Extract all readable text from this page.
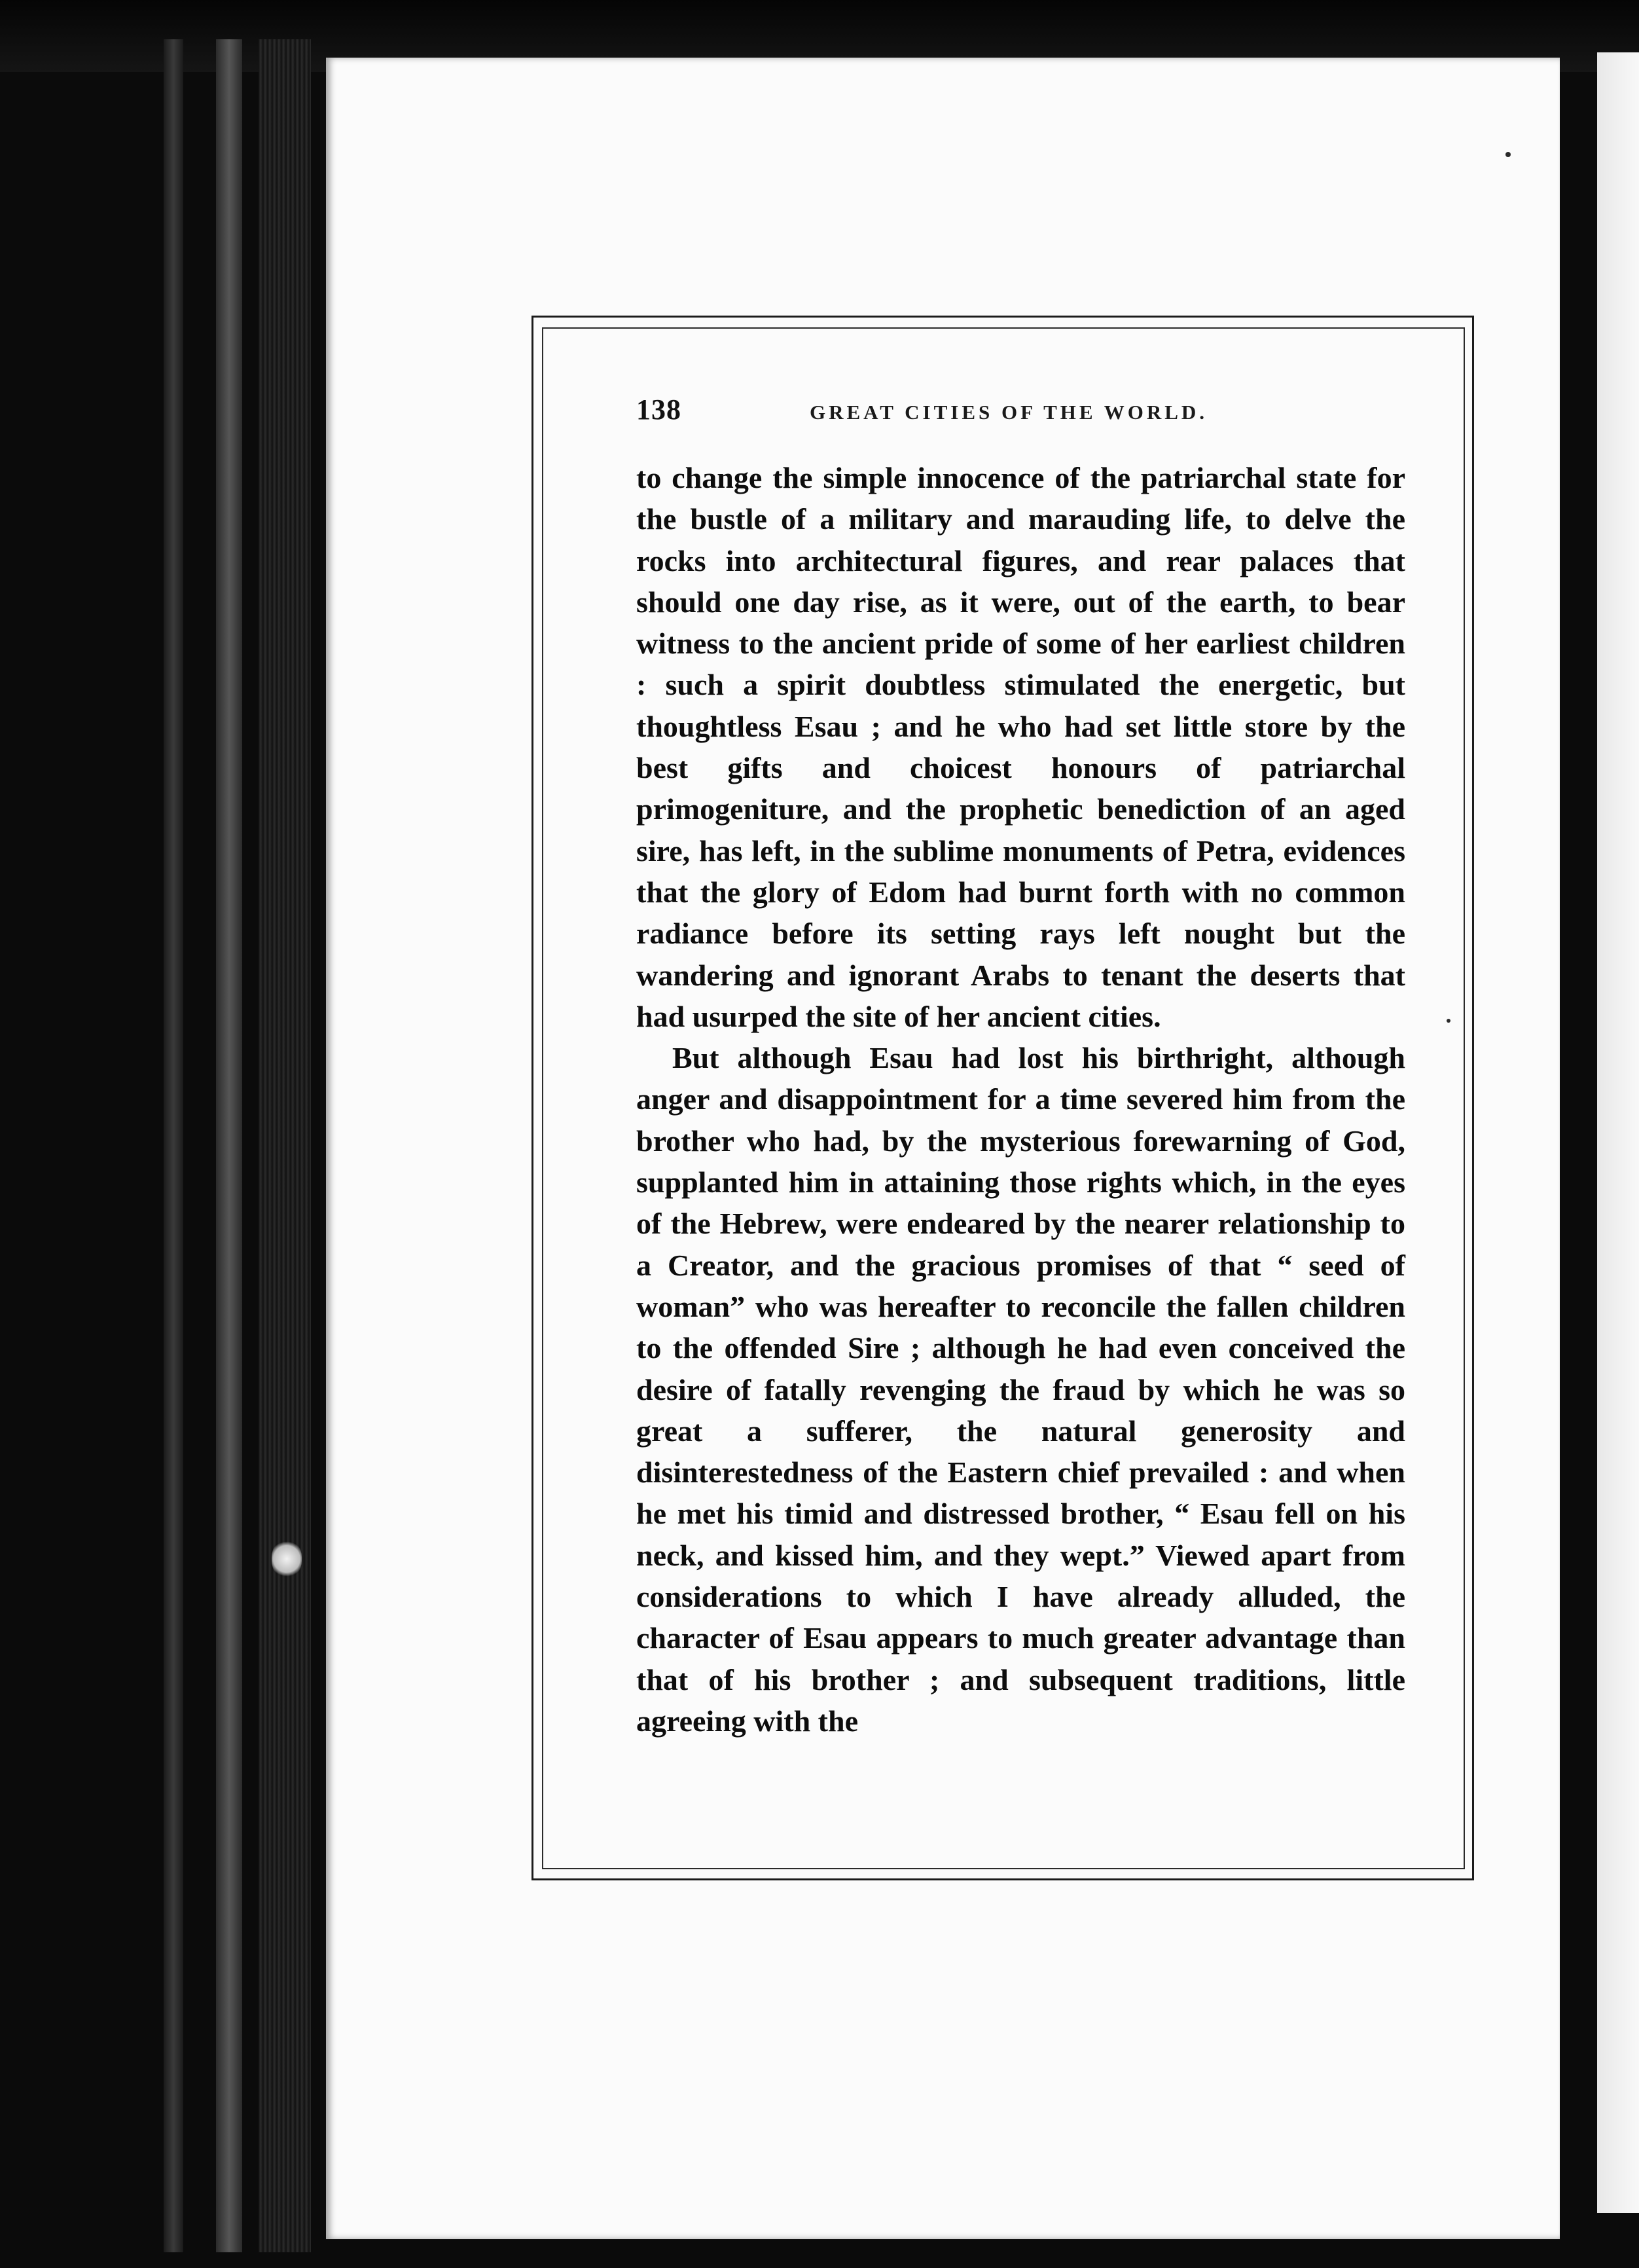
138	GREAT CITIES OF THE WORLD.

to change the simple innocence of the patriarchal state for the bustle of a military and marauding life, to delve the rocks into architectural figures, and rear palaces that should one day rise, as it were, out of the earth, to bear witness to the ancient pride of some of her earliest children : such a spirit doubtless stimulated the energetic, but thoughtless Esau ; and he who had set little store by the best gifts and choicest honours of patriarchal primogeniture, and the prophetic benediction of an aged sire, has left, in the sublime monuments of Petra, evidences that the glory of Edom had burnt forth with no common radiance before its setting rays left nought but the wandering and ignorant Arabs to tenant the deserts that had usurped the site of her ancient cities.

But although Esau had lost his birthright, although anger and disappointment for a time severed him from the brother who had, by the mysterious forewarning of God, supplanted him in attaining those rights which, in the eyes of the Hebrew, were endeared by the nearer relationship to a Creator, and the gracious promises of that “ seed of woman” who was hereafter to reconcile the fallen children to the offended Sire ; although he had even conceived the desire of fatally revenging the fraud by which he was so great a sufferer, the natural generosity and disinterestedness of the Eastern chief prevailed : and when he met his timid and distressed brother, “ Esau fell on his neck, and kissed him, and they wept.” Viewed apart from considerations to which I have already alluded, the character of Esau appears to much greater advantage than that of his brother ; and subsequent traditions, little agreeing with the
